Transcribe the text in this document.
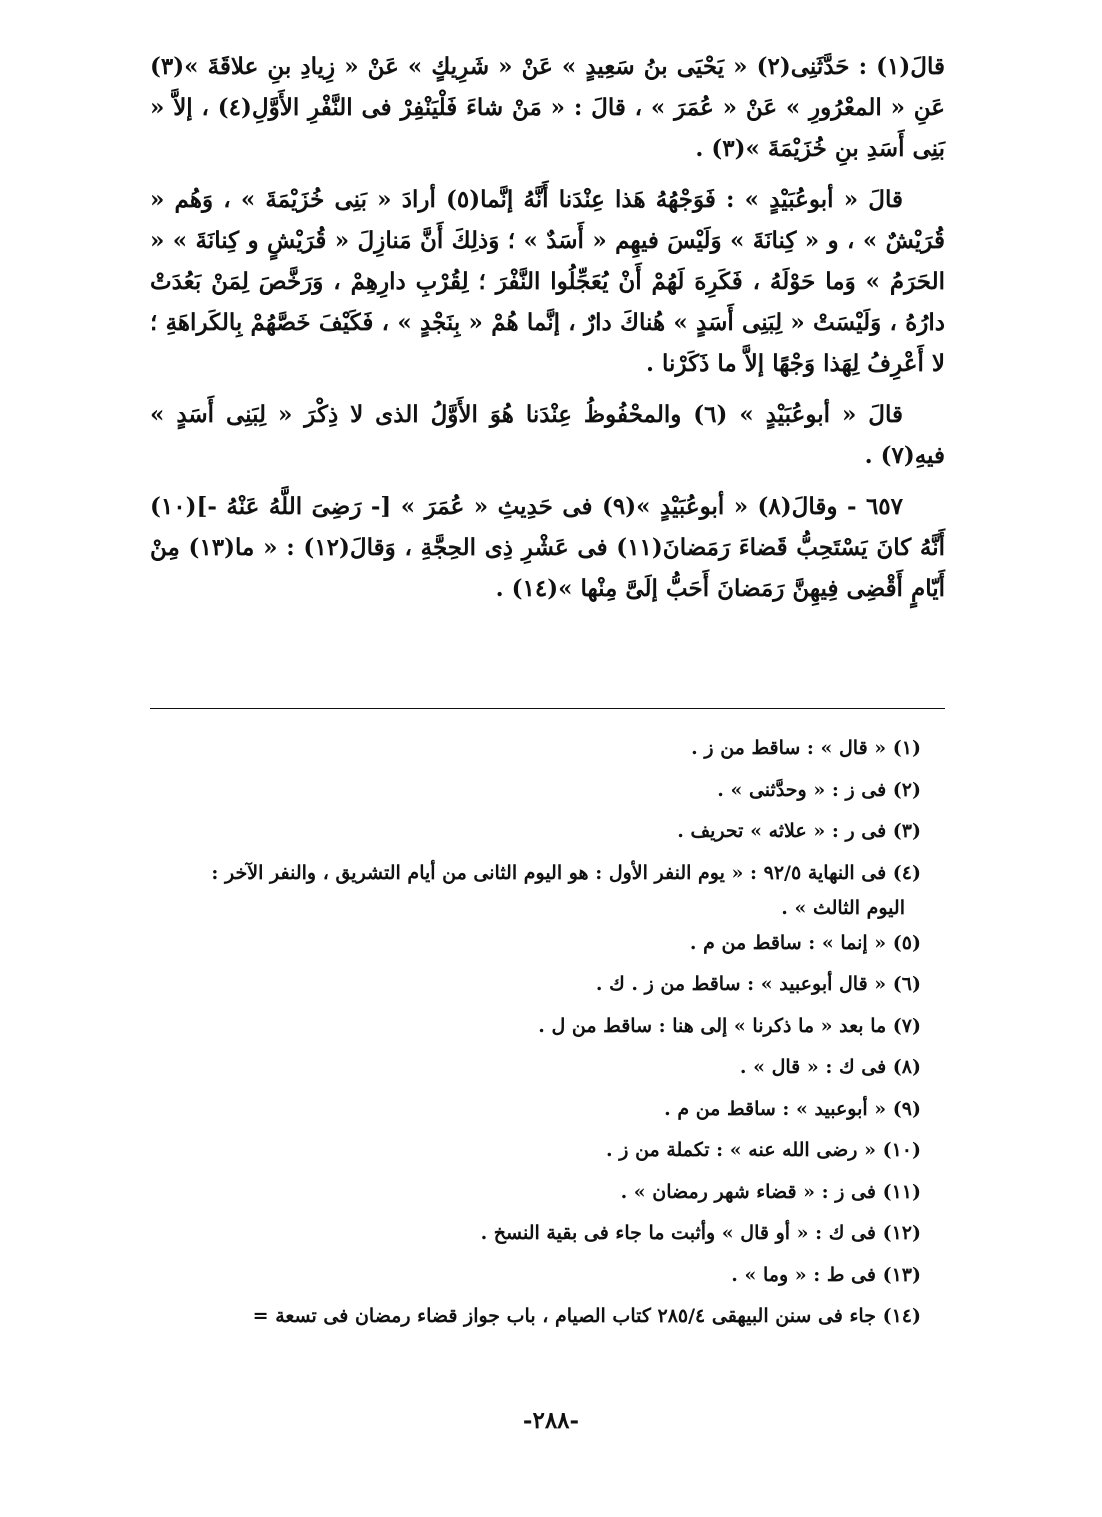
قالَ(١) : حَدَّثَنِى(٢) « يَحْيَى بنُ سَعِيدٍ » عَنْ « شَرِيكٍ » عَنْ « زِيادِ بنِ علاقَةَ »(٣) عَنِ « المعْرُورِ » عَنْ « عُمَرَ » ، قالَ : « مَنْ شاءَ فَلْيَنْفِرْ فى النَّفْرِ الأَوَّلِ(٤) ، إلاَّ « بَنِى أَسَدِ بنِ خُزَيْمَةَ »(٣) .

قالَ « أبوعُبَيْدٍ » : فَوَجْهُهُ هَذا عِنْدَنا أَنَّهُ إنَّما(٥) أرادَ « بَنِى خُزَيْمَةَ » ، وَهُم « قُرَيْشٌ » ، و « كِنانَةَ » وَلَيْسَ فيهِم « أَسَدٌ » ؛ وَذلِكَ أَنَّ مَنازِلَ « قُرَيْشٍ و كِنانَةَ » « الحَرَمُ » وَما حَوْلَهُ ، فَكَرِهَ لَهُمْ أَنْ يُعَجِّلُوا النَّفْرَ ؛ لِقُرْبِ دارِهِمْ ، وَرَخَّصَ لِمَنْ بَعُدَتْ دارُهُ ، وَلَيْسَتْ « لِبَنِى أَسَدٍ » هُناكَ دارٌ ، إنَّما هُمْ « بِنَجْدٍ » ، فَكَيْفَ خَصَّهُمْ بِالكَراهَةِ ؛ لا أَعْرِفُ لِهَذا وَجْهًا إلاَّ ما ذَكَرْنا .

قالَ « أبوعُبَيْدٍ » (٦) والمحْفُوظُ عِنْدَنا هُوَ الأَوَّلُ الذى لا ذِكْرَ « لِبَنِى أَسَدٍ » فيهِ(٧) .

٦٥٧ - وقالَ(٨) « أبوعُبَيْدٍ »(٩) فى حَدِيثِ « عُمَرَ » [- رَضِىَ اللَّهُ عَنْهُ -](١٠) أَنَّهُ كانَ يَسْتَحِبُّ قَضاءَ رَمَضانَ(١١) فى عَشْرِ ذِى الحِجَّةِ ، وَقالَ(١٢) : « ما(١٣) مِنْ أَيّامٍ أَقْضِى فِيهِنَّ رَمَضانَ أَحَبُّ إلَىَّ مِنْها »(١٤) .

(١) « قال » : ساقط من ز .

(٢) فى ز : « وحدَّثنى » .

(٣) فى ر : « علاثه » تحريف .

(٤) فى النهاية ٩٢/٥ : « يوم النفر الأول : هو اليوم الثانى من أيام التشريق ، والنفر الآخر :

اليوم الثالث » .

(٥) « إنما » : ساقط من م .

(٦) « قال أبوعبيد » : ساقط من ز . ك .

(٧) ما بعد « ما ذكرنا » إلى هنا : ساقط من ل .

(٨) فى ك : « قال » .

(٩) « أبوعبيد » : ساقط من م .

(١٠) « رضى الله عنه » : تكملة من ز .

(١١) فى ز : « قضاء شهر رمضان » .

(١٢) فى ك : « أو قال » وأثبت ما جاء فى بقية النسخ .

(١٣) فى ط : « وما » .

(١٤) جاء فى سنن البيهقى ٢٨٥/٤ كتاب الصيام ، باب جواز قضاء رمضان فى تسعة =

-٢٨٨-
